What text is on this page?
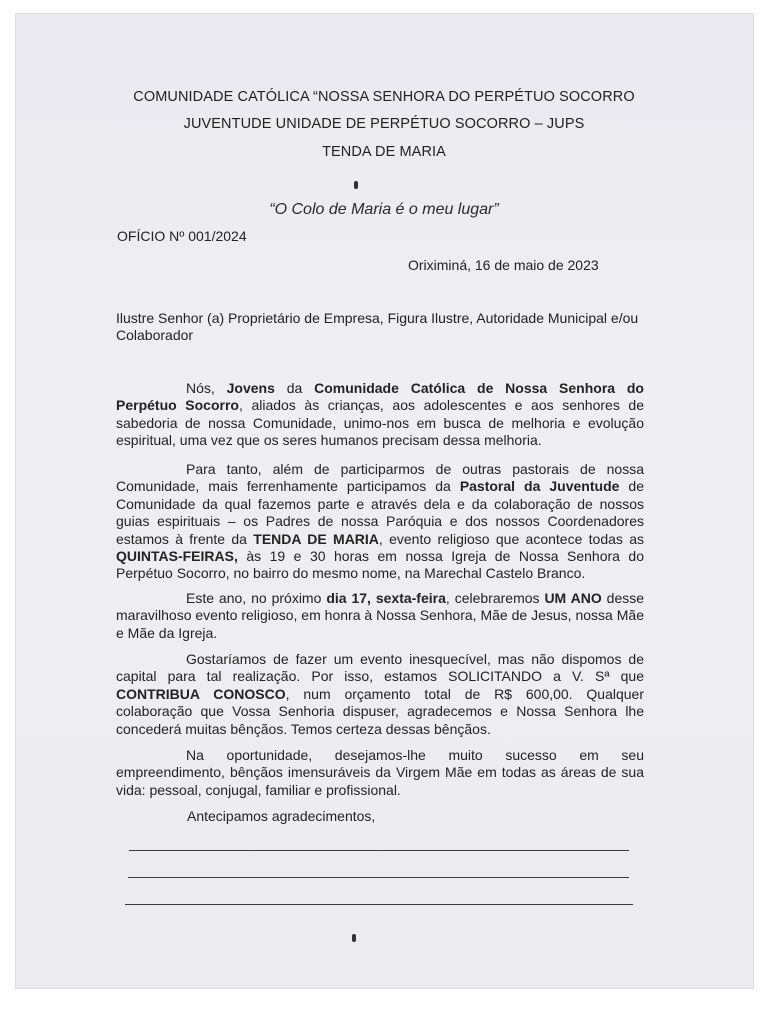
COMUNIDADE CATÓLICA “NOSSA SENHORA DO PERPÉTUO SOCORRO
JUVENTUDE UNIDADE DE PERPÉTUO SOCORRO – JUPS
TENDA DE MARIA
“O Colo de Maria é o meu lugar”
OFÍCIO Nº 001/2024
Oriximiná, 16 de maio de 2023
Ilustre Senhor (a) Proprietário de Empresa, Figura Ilustre, Autoridade Municipal e/ou Colaborador
Nós, Jovens da Comunidade Católica de Nossa Senhora do Perpétuo Socorro, aliados às crianças, aos adolescentes e aos senhores de sabedoria de nossa Comunidade, unimo-nos em busca de melhoria e evolução espiritual, uma vez que os seres humanos precisam dessa melhoria.
Para tanto, além de participarmos de outras pastorais de nossa Comunidade, mais ferrenhamente participamos da Pastoral da Juventude de Comunidade da qual fazemos parte e através dela e da colaboração de nossos guias espirituais – os Padres de nossa Paróquia e dos nossos Coordenadores estamos à frente da TENDA DE MARIA, evento religioso que acontece todas as QUINTAS-FEIRAS, às 19 e 30 horas em nossa Igreja de Nossa Senhora do Perpétuo Socorro, no bairro do mesmo nome, na Marechal Castelo Branco.
Este ano, no próximo dia 17, sexta-feira, celebraremos UM ANO desse maravilhoso evento religioso, em honra à Nossa Senhora, Mãe de Jesus, nossa Mãe e Mãe da Igreja.
Gostaríamos de fazer um evento inesquecível, mas não dispomos de capital para tal realização. Por isso, estamos SOLICITANDO a V. Sª que CONTRIBUA CONOSCO, num orçamento total de R$ 600,00. Qualquer colaboração que Vossa Senhoria dispuser, agradecemos e Nossa Senhora lhe concederá muitas bênçãos. Temos certeza dessas bênçãos.
Na oportunidade, desejamos-lhe muito sucesso em seu empreendimento, bênçãos imensuráveis da Virgem Mãe em todas as áreas de sua vida: pessoal, conjugal, familiar e profissional.
Antecipamos agradecimentos,
